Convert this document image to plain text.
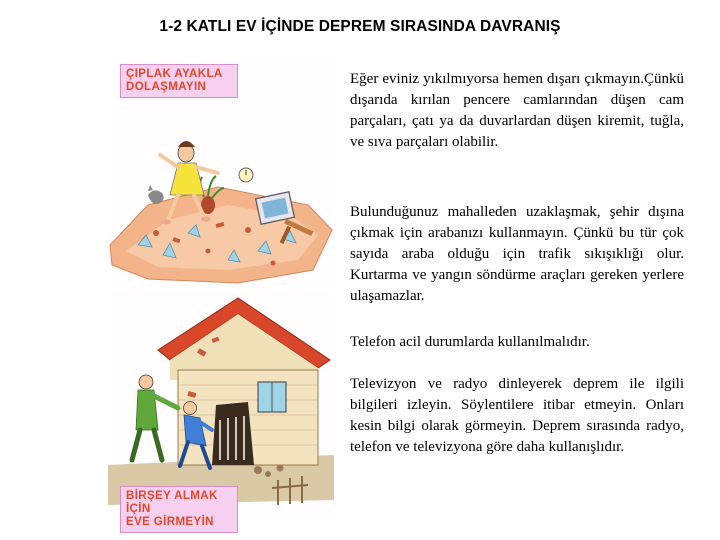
1-2 KATLI EV İÇİNDE DEPREM SIRASINDA DAVRANIŞ
ÇIPLAK AYAKLA
DOLAŞMAYIN
BİRŞEY ALMAK İÇİN
EVE GİRMEYİN

Eğer eviniz yıkılmıyorsa hemen dışarı çıkmayın.Çünkü dışarıda kırılan pencere camlarından düşen cam parçaları, çatı ya da duvarlardan düşen kiremit, tuğla, ve sıva parçaları olabilir.

Bulunduğunuz mahalleden uzaklaşmak, şehir dışına çıkmak için arabanızı kullanmayın. Çünkü bu tür çok sayıda araba olduğu için trafik sıkışıklığı olur. Kurtarma ve yangın söndürme araçları gereken yerlere ulaşamazlar.

Telefon acil durumlarda kullanılmalıdır.

Televizyon ve radyo dinleyerek deprem ile ilgili bilgileri izleyin. Söylentilere itibar etmeyin. Onları kesin bilgi olarak görmeyin. Deprem sırasında radyo, telefon ve televizyona göre daha kullanışlıdır.
